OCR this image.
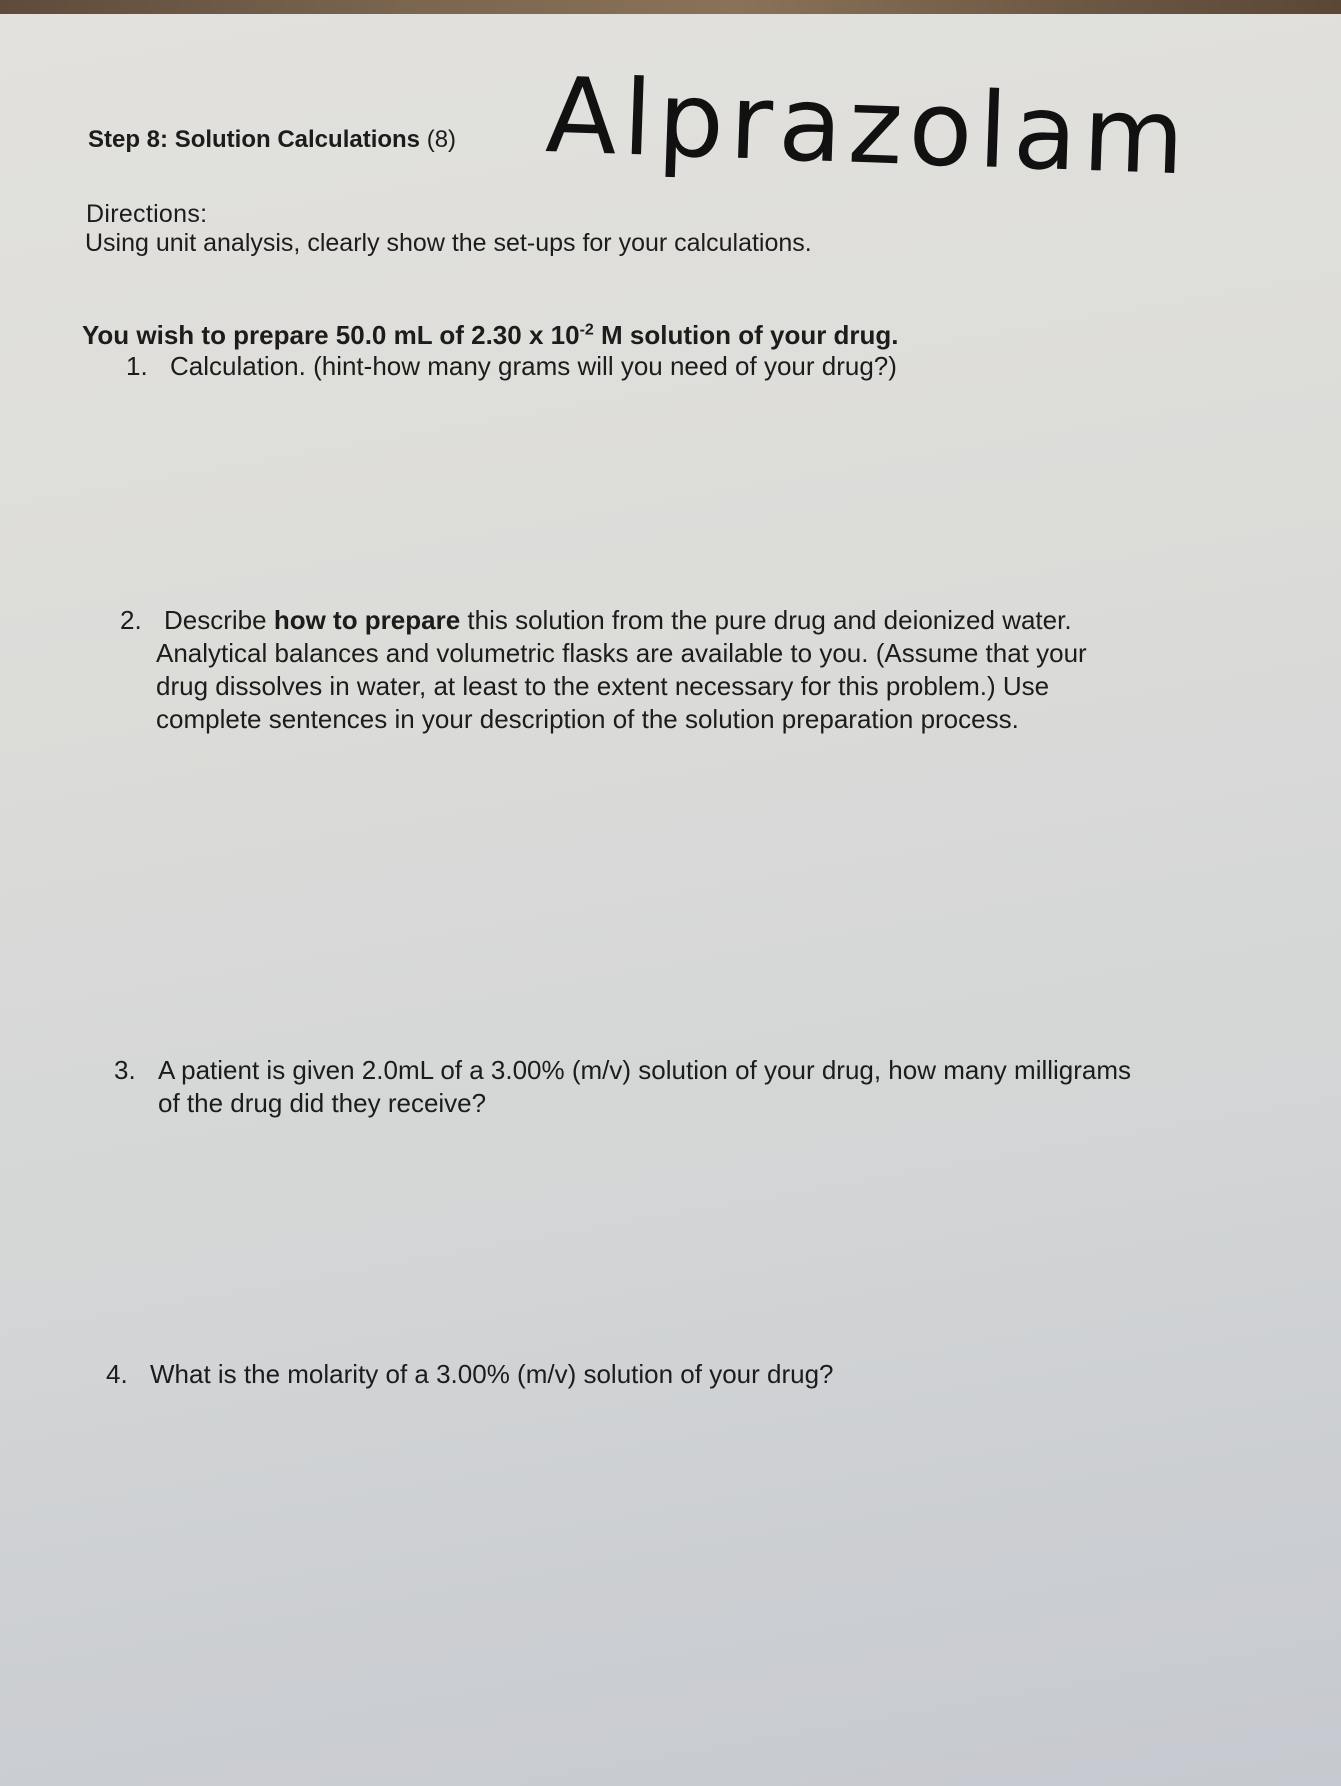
Step 8: Solution Calculations (8) Alprazolam

Directions:

Using unit analysis, clearly show the set-ups for your calculations.

You wish to prepare 50.0 mL of 2.30 x $10^{-2}$ M solution of your drug.

1. Calculation. (hint-how many grams will you need of your drug?)

2. Describe how to prepare this solution from the pure drug and deionized water.
Analytical balances and volumetric flasks are available to you. (Assume that your
drug dissolves in water, at least to the extent necessary for this problem.) Use
complete sentences in your description of the solution preparation process.

3. A patient is given 2.0mL of a 3.00% (m/v) solution of your drug, how many milligrams
of the drug did they receive?

4. What is the molarity of a 3.00% (m/v) solution of your drug?
